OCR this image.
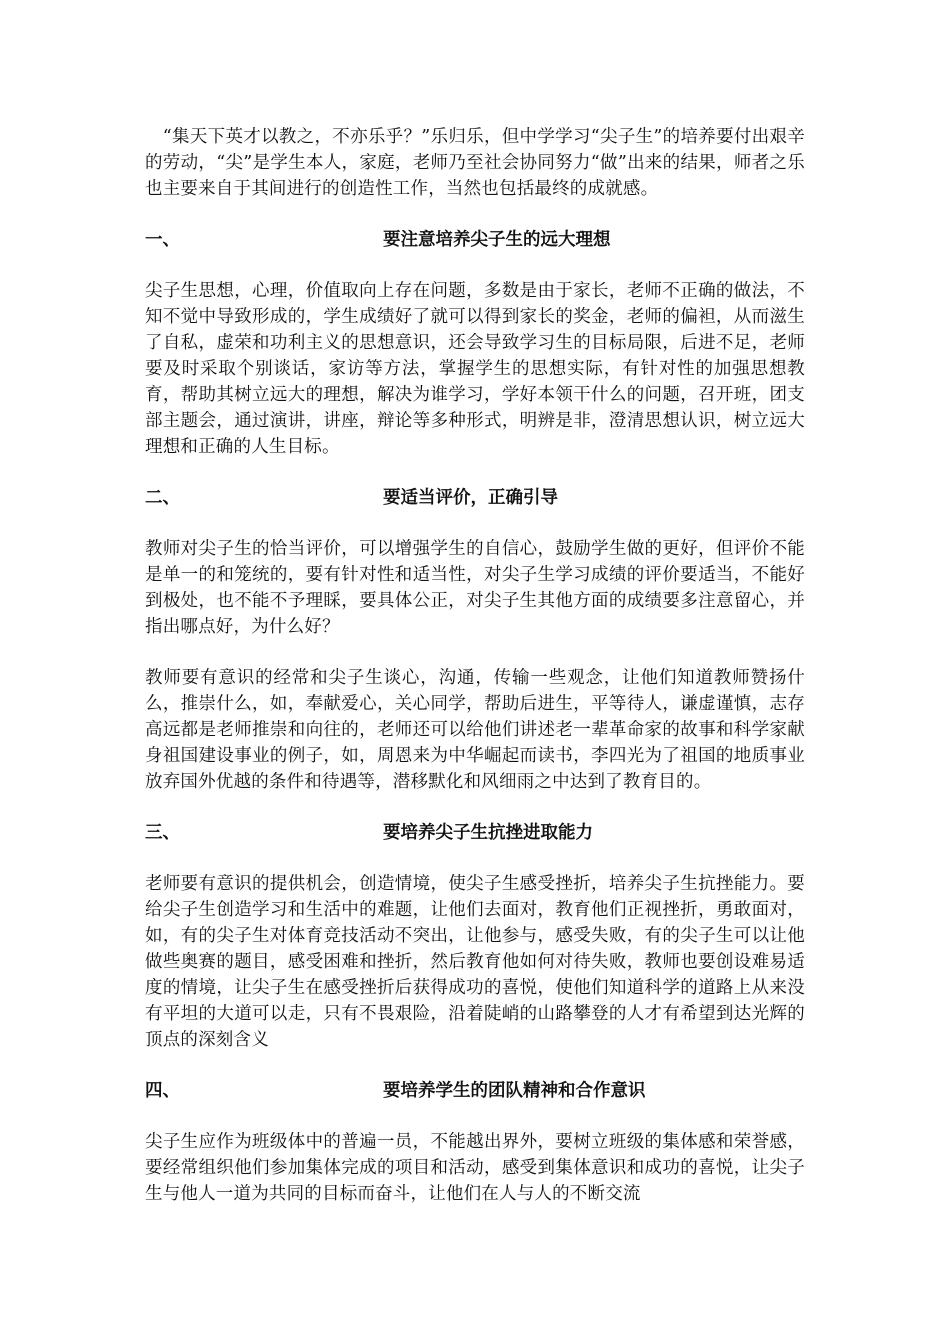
　“集天下英才以教之，不亦乐乎？”乐归乐，但中学学习“尖子生”的培养要付出艰辛的劳动，“尖”是学生本人，家庭，老师乃至社会协同努力“做”出来的结果，师者之乐也主要来自于其间进行的创造性工作，当然也包括最终的成就感。

一、	要注意培养尖子生的远大理想

尖子生思想，心理，价值取向上存在问题，多数是由于家长，老师不正确的做法，不知不觉中导致形成的，学生成绩好了就可以得到家长的奖金，老师的偏袒，从而滋生了自私，虚荣和功利主义的思想意识，还会导致学习生的目标局限，后进不足，老师要及时采取个别谈话，家访等方法，掌握学生的思想实际，有针对性的加强思想教育，帮助其树立远大的理想，解决为谁学习，学好本领干什么的问题，召开班，团支部主题会，通过演讲，讲座，辩论等多种形式，明辨是非，澄清思想认识，树立远大理想和正确的人生目标。

二、	要适当评价，正确引导

教师对尖子生的恰当评价，可以增强学生的自信心，鼓励学生做的更好，但评价不能是单一的和笼统的，要有针对性和适当性，对尖子生学习成绩的评价要适当，不能好到极处，也不能不予理睬，要具体公正，对尖子生其他方面的成绩要多注意留心，并指出哪点好，为什么好？

教师要有意识的经常和尖子生谈心，沟通，传输一些观念，让他们知道教师赞扬什么，推崇什么，如，奉献爱心，关心同学，帮助后进生，平等待人，谦虚谨慎，志存高远都是老师推崇和向往的，老师还可以给他们讲述老一辈革命家的故事和科学家献身祖国建设事业的例子，如，周恩来为中华崛起而读书，李四光为了祖国的地质事业放弃国外优越的条件和待遇等，潜移默化和风细雨之中达到了教育目的。

三、	要培养尖子生抗挫进取能力

老师要有意识的提供机会，创造情境，使尖子生感受挫折，培养尖子生抗挫能力。要给尖子生创造学习和生活中的难题，让他们去面对，教育他们正视挫折，勇敢面对，如，有的尖子生对体育竞技活动不突出，让他参与，感受失败，有的尖子生可以让他做些奥赛的题目，感受困难和挫折，然后教育他如何对待失败，教师也要创设难易适度的情境，让尖子生在感受挫折后获得成功的喜悦，使他们知道科学的道路上从来没有平坦的大道可以走，只有不畏艰险，沿着陡峭的山路攀登的人才有希望到达光辉的顶点的深刻含义

四、	要培养学生的团队精神和合作意识

尖子生应作为班级体中的普遍一员，不能越出界外，要树立班级的集体感和荣誉感，要经常组织他们参加集体完成的项目和活动，感受到集体意识和成功的喜悦，让尖子生与他人一道为共同的目标而奋斗，让他们在人与人的不断交流
